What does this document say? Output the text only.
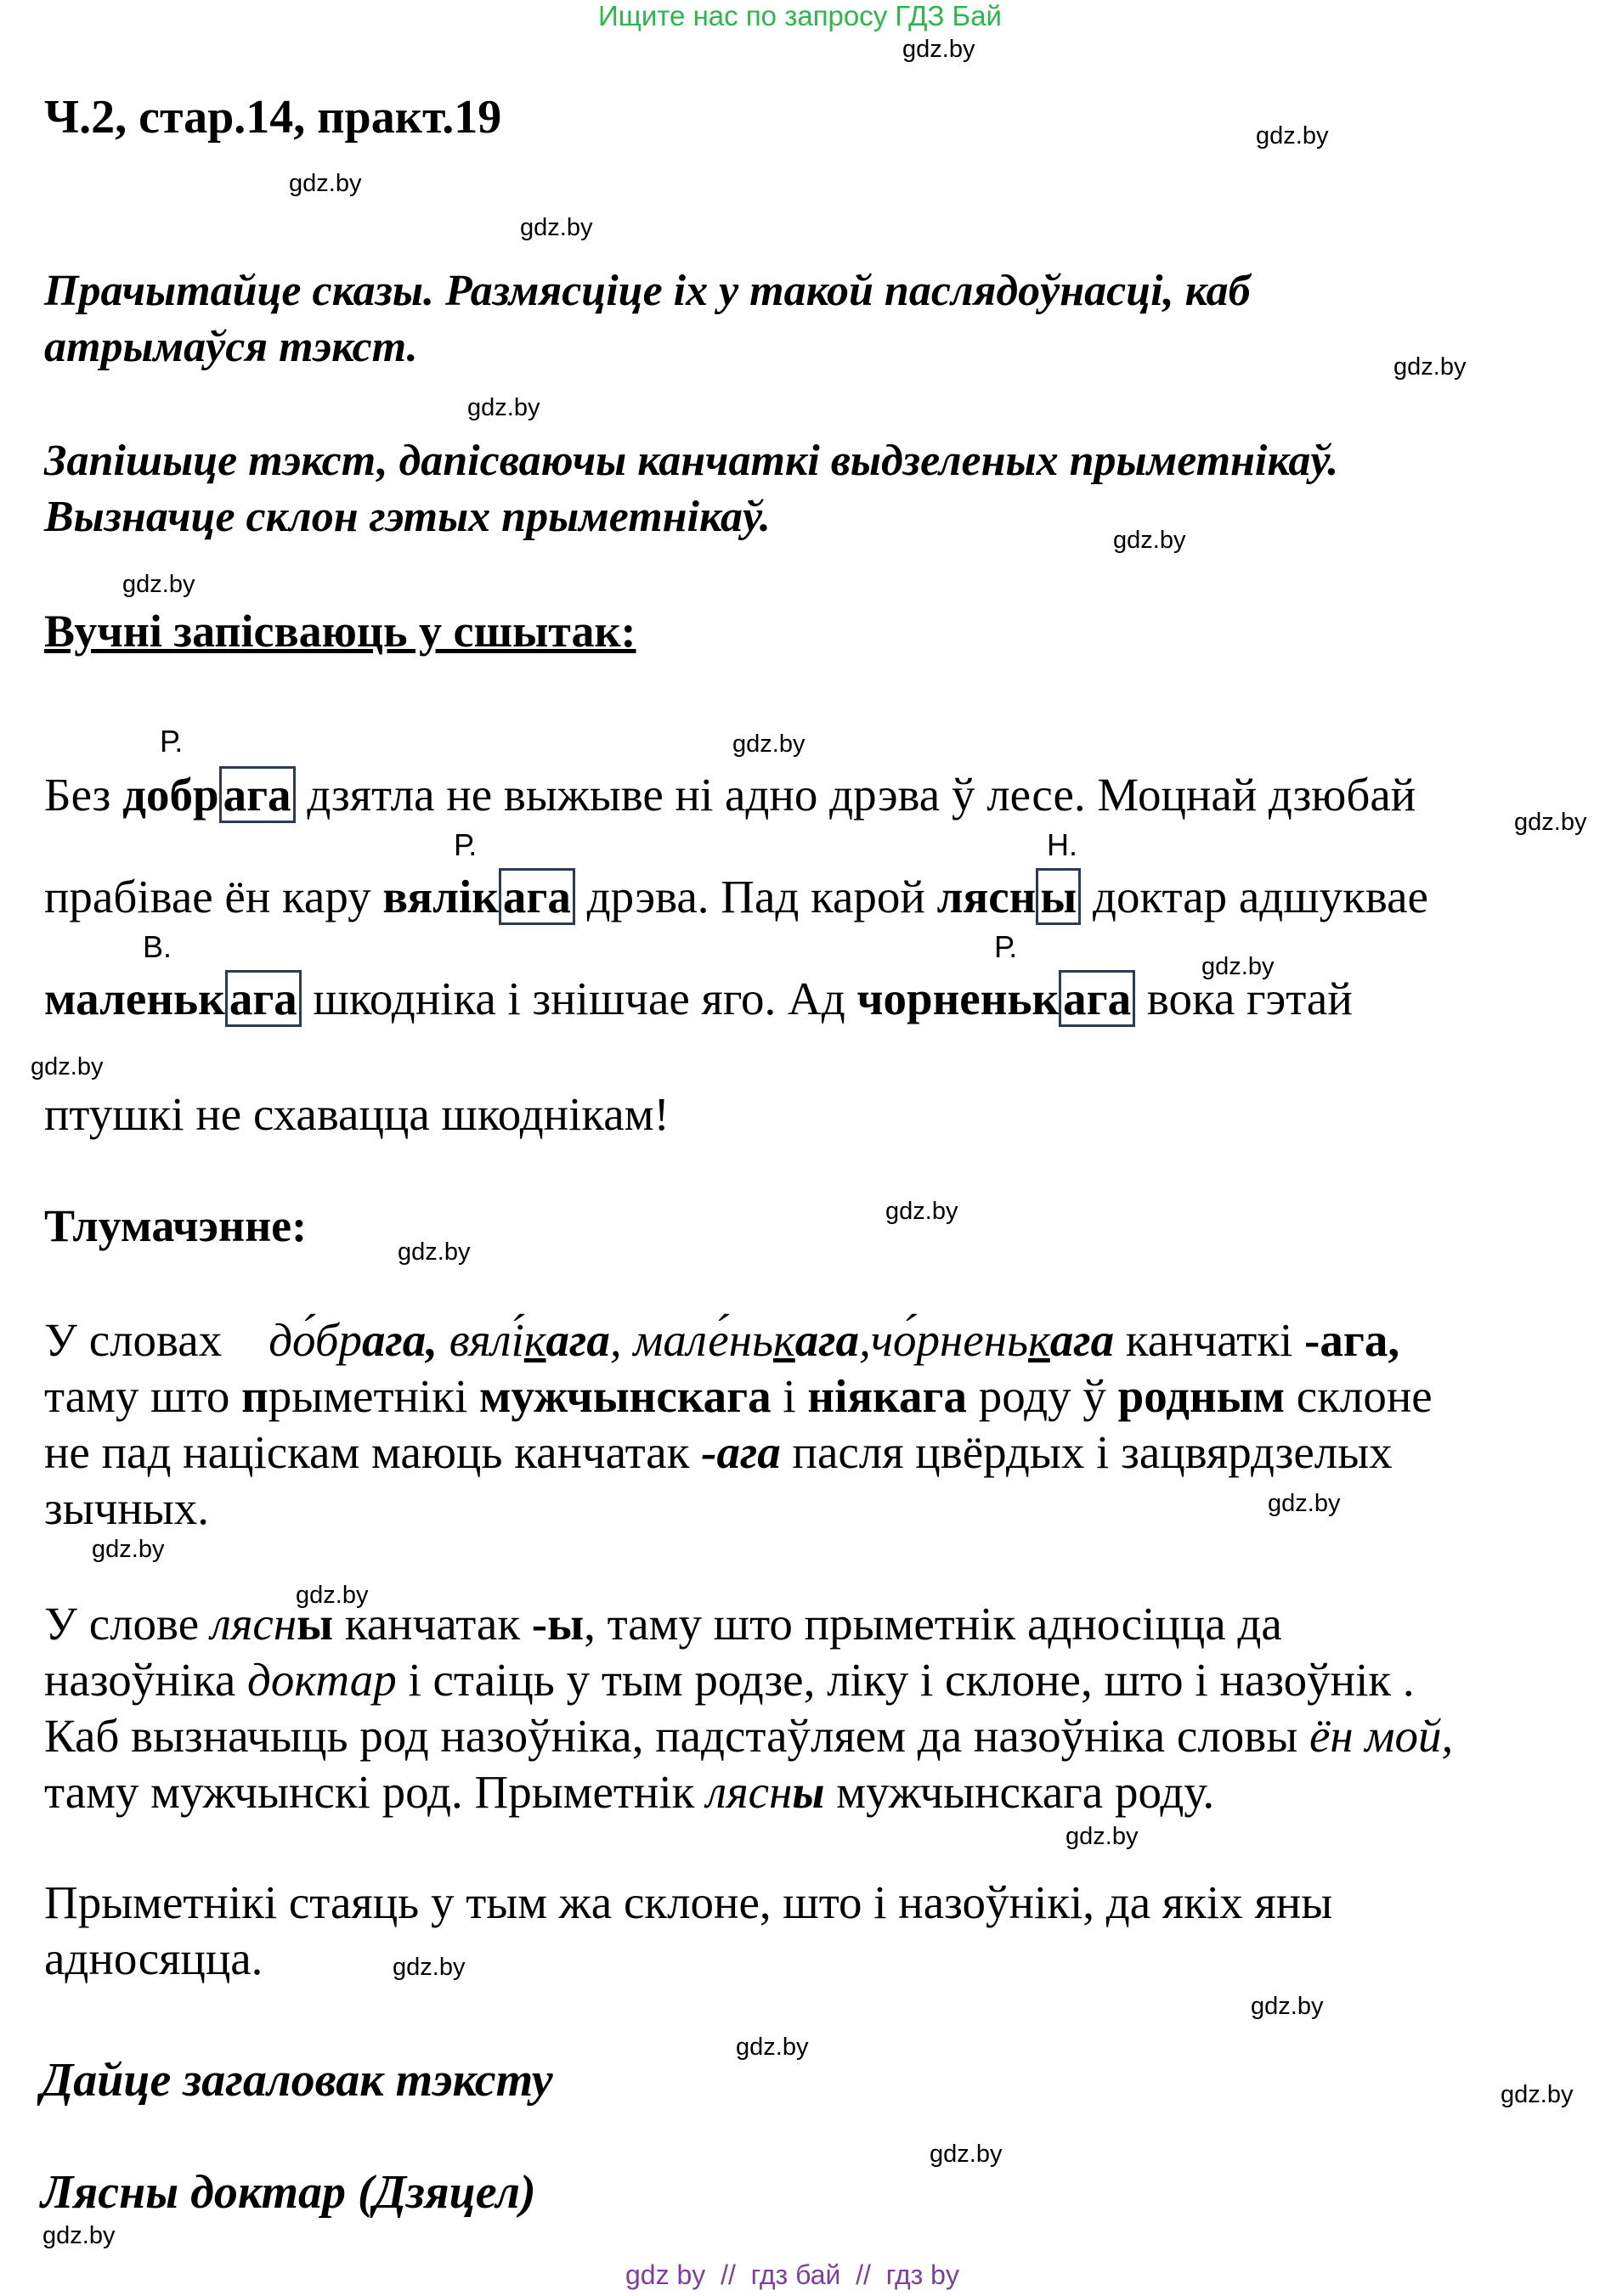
Ищите нас по запросу ГДЗ Бай
gdz.by
gdz.by
gdz.by
gdz.by
gdz.by
gdz.by
gdz.by
gdz.by
gdz.by
gdz.by
gdz.by
gdz.by
gdz.by
gdz.by
gdz.by
gdz.by
gdz.by
gdz.by
gdz.by
gdz.by
gdz.by
gdz.by
gdz.by
gdz.by
Ч.2, стар.14, практ.19
Прачытайце сказы. Размясціце іх у такой паслядоўнасці, каб
атрымаўся тэкст.
Запішыце тэкст, дапісваючы канчаткі выдзеленых прыметнікаў.
Вызначце склон гэтых прыметнікаў.
Вучні запісваюць у сшытак:
Р.
Р.	Н.
В.	Р.
Без добрага дзятла не выжыве ні адно дрэва ў лесе. Моцнай дзюбай
прабівае ён кару вялікага дрэва. Пад карой лясны доктар адшуквае
маленькага шкодніка і знішчае яго. Ад чорненькага вока гэтай
птушкі не схавацца шкоднікам!
Тлумачэнне:
У словах до́брага, вялі́кага, мале́нькага,чо́рненькага канчаткі -ага,
таму што прыметнікі мужчынскага і ніякага роду ў родным склоне
не пад націскам маюць канчатак -ага пасля цвёрдых і зацвярдзелых
зычных.
У слове лясны канчатак -ы, таму што прыметнік адносіцца да
назоўніка доктар і стаіць у тым родзе, ліку і склоне, што і назоўнік .
Каб вызначыць род назоўніка, падстаўляем да назоўніка словы ён мой,
таму мужчынскі род. Прыметнік лясны мужчынскага роду.
Прыметнікі стаяць у тым жа склоне, што і назоўнікі, да якіх яны
адносяцца.
Дайце загаловак тэксту
Лясны доктар (Дзяцел)
gdz by  //  гдз бай  //  гдз by
